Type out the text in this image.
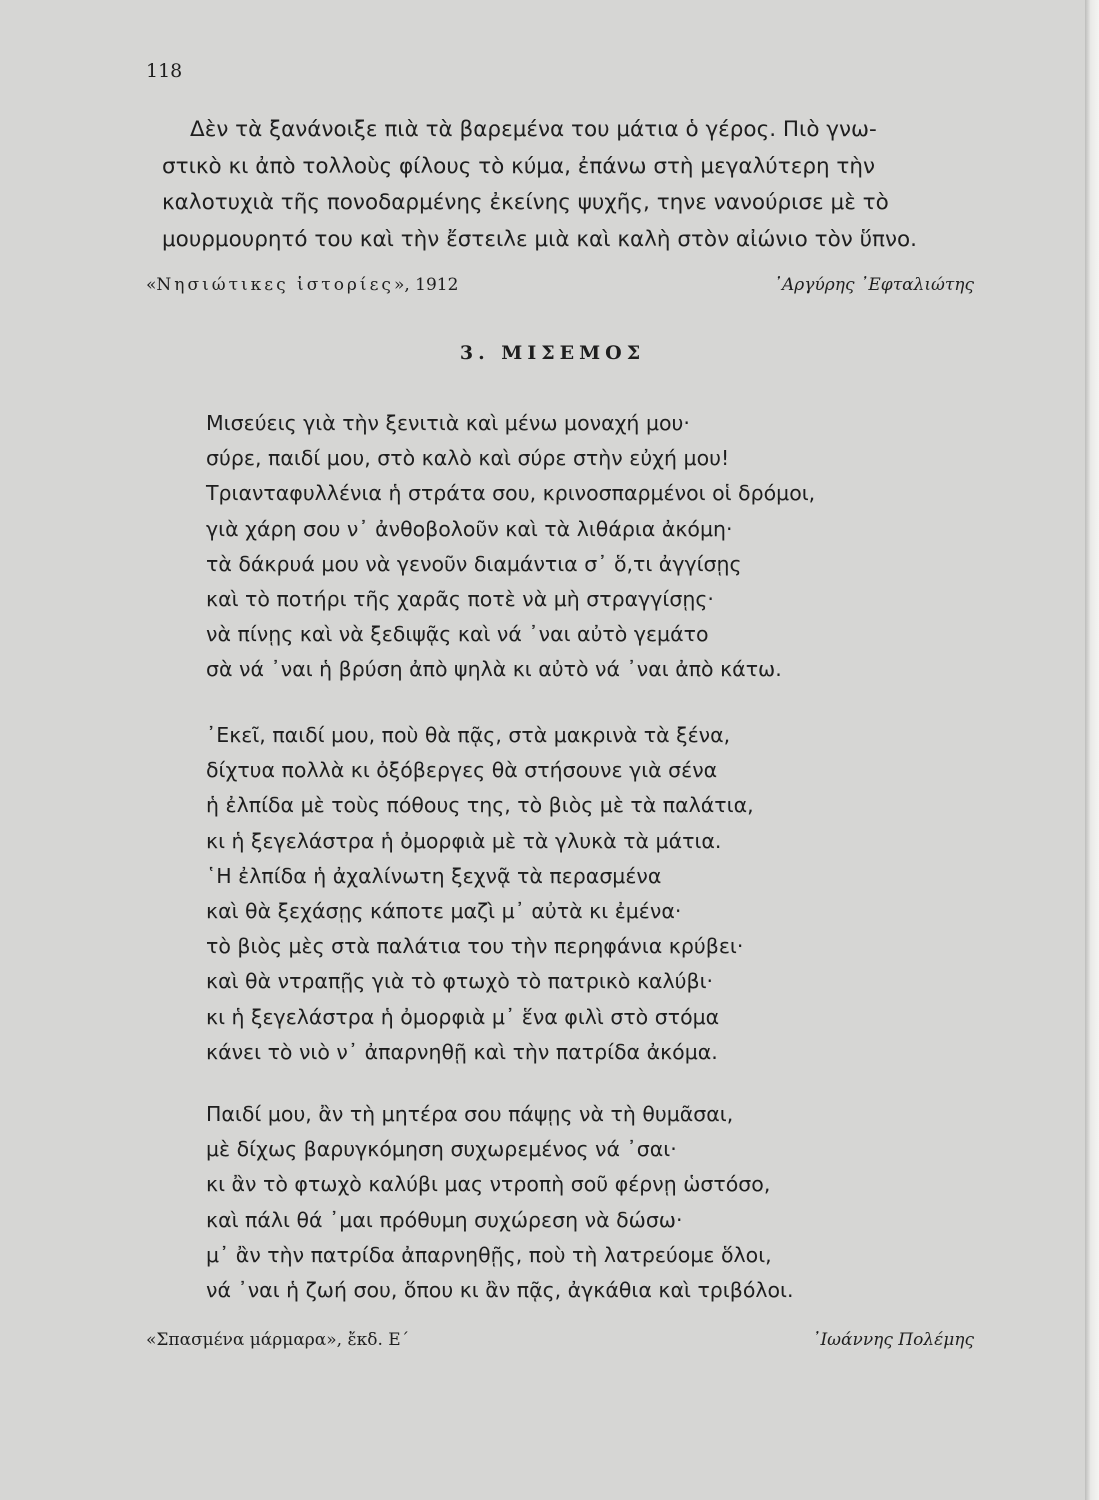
118

Δὲν τὰ ξανάνοιξε πιὰ τὰ βαρεμένα του μάτια ὁ γέρος. Πιὸ γνω-

στικὸ κι ἀπὸ τολλοὺς φίλους τὸ κύμα, ἐπάνω στὴ μεγαλύτερη τὴν

καλοτυχιὰ τῆς πονοδαρμένης ἐκείνης ψυχῆς, τηνε νανούρισε μὲ τὸ

μουρμουρητό του καὶ τὴν ἔστειλε μιὰ καὶ καλὴ στὸν αἰώνιο τὸν ὕπνο.

«Νησιώτικες ἱστορίες», 1912	᾿Αργύρης ᾿Εφταλιώτης
3. ΜΙΣΕΜΟΣ
Μισεύεις γιὰ τὴν ξενιτιὰ καὶ μένω μοναχή μου·
σύρε, παιδί μου, στὸ καλὸ καὶ σύρε στὴν εὐχή μου!
Τριανταφυλλένια ἡ στράτα σου, κρινοσπαρμένοι οἱ δρόμοι,
γιὰ χάρη σου ν᾿ ἀνθοβολοῦν καὶ τὰ λιθάρια ἀκόμη·
τὰ δάκρυά μου νὰ γενοῦν διαμάντια σ᾿ ὅ,τι ἀγγίσῃς
καὶ τὸ ποτήρι τῆς χαρᾶς ποτὲ νὰ μὴ στραγγίσῃς·
νὰ πίνῃς καὶ νὰ ξεδιψᾷς καὶ νά ᾿ναι αὐτὸ γεμάτο
σὰ νά ᾿ναι ἡ βρύση ἀπὸ ψηλὰ κι αὐτὸ νά ᾿ναι ἀπὸ κάτω.
᾿Εκεῖ, παιδί μου, ποὺ θὰ πᾷς, στὰ μακρινὰ τὰ ξένα,
δίχτυα πολλὰ κι ὀξόβεργες θὰ στήσουνε γιὰ σένα
ἡ ἐλπίδα μὲ τοὺς πόθους της, τὸ βιὸς μὲ τὰ παλάτια,
κι ἡ ξεγελάστρα ἡ ὀμορφιὰ μὲ τὰ γλυκὰ τὰ μάτια.
῾Η ἐλπίδα ἡ ἀχαλίνωτη ξεχνᾷ τὰ περασμένα
καὶ θὰ ξεχάσῃς κάποτε μαζὶ μ᾿ αὐτὰ κι ἐμένα·
τὸ βιὸς μὲς στὰ παλάτια του τὴν περηφάνια κρύβει·
καὶ θὰ ντραπῇς γιὰ τὸ φτωχὸ τὸ πατρικὸ καλύβι·
κι ἡ ξεγελάστρα ἡ ὀμορφιὰ μ᾿ ἕνα φιλὶ στὸ στόμα
κάνει τὸ νιὸ ν᾿ ἀπαρνηθῇ καὶ τὴν πατρίδα ἀκόμα.
Παιδί μου, ἂν τὴ μητέρα σου πάψῃς νὰ τὴ θυμᾶσαι,
μὲ δίχως βαρυγκόμηση συχωρεμένος νά ᾿σαι·
κι ἂν τὸ φτωχὸ καλύβι μας ντροπὴ σοῦ φέρνῃ ὡστόσο,
καὶ πάλι θά ᾿μαι πρόθυμη συχώρεση νὰ δώσω·
μ᾿ ἂν τὴν πατρίδα ἀπαρνηθῇς, ποὺ τὴ λατρεύομε ὅλοι,
νά ᾿ναι ἡ ζωή σου, ὅπου κι ἂν πᾷς, ἀγκάθια καὶ τριβόλοι.
«Σπασμένα μάρμαρα», ἔκδ. Ε΄	᾿Ιωάννης Πολέμης
